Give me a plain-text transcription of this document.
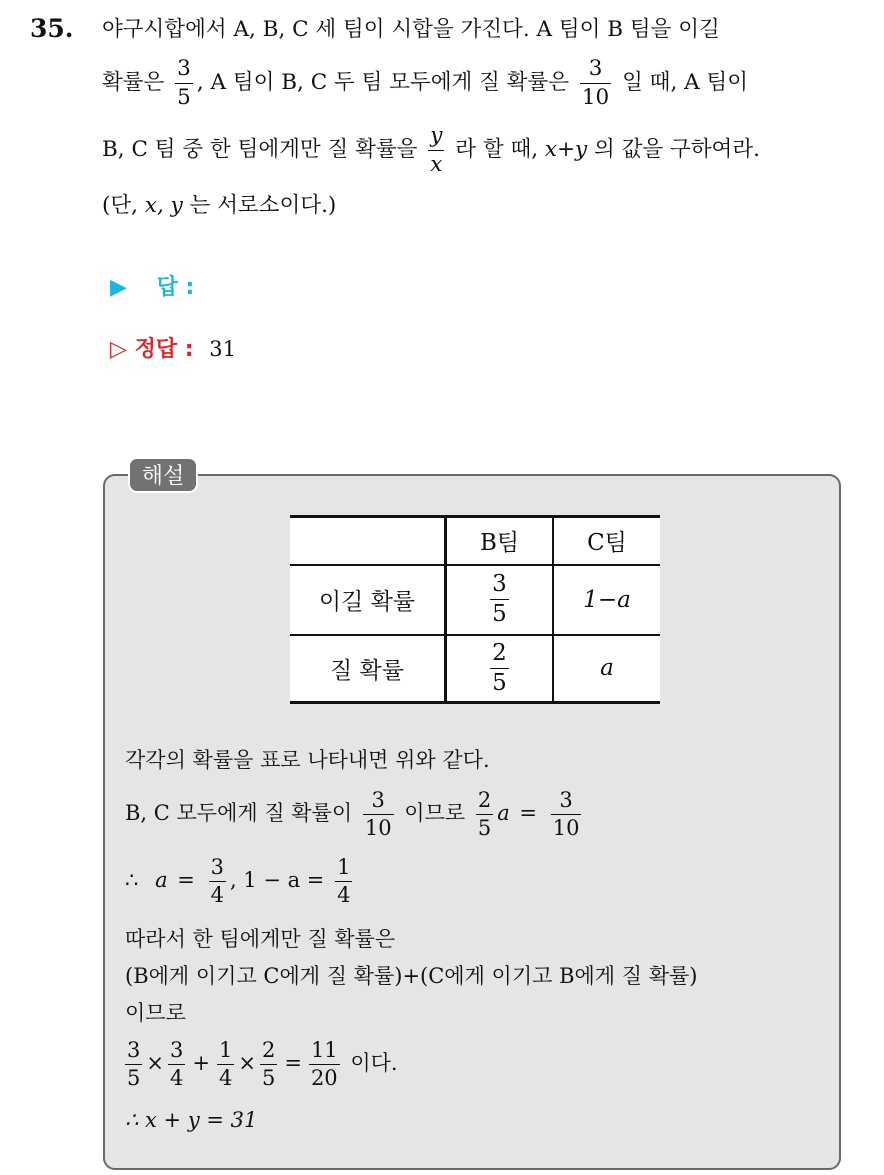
35. 야구시합에서 A, B, C 세 팀이 시합을 가진다. A 팀이 B 팀을 이길
확률은 $\frac{3}{5}$ , A 팀이 B, C 두 팀 모두에게 질 확률은 $\frac{3}{10}$ 일 때, A 팀이
B, C 팀 중 한 팀에게만 질 확률을 $\frac{y}{x}$ 라 할 때, x+y 의 값을 구하여라.
(단, x, y 는 서로소이다.)
▶ 답 :
▷ 정답 : 31
해설
	B팀	C팀
이길 확률	$\frac{3}{5}$	1−a
질 확률	$\frac{2}{5}$	a
각각의 확률을 표로 나타내면 위와 같다.
B, C 모두에게 질 확률이 $\frac{3}{10}$ 이므로 $\frac{2}{5}$ $a = \frac{3}{10}$
∴ $a = \frac{3}{4}$ , $1 - a = \frac{1}{4}$
따라서 한 팀에게만 질 확률은
(B에게 이기고 C에게 질 확률)+(C에게 이기고 B에게 질 확률)
이므로
$\frac{3}{5} \times \frac{3}{4} + \frac{1}{4} \times \frac{2}{5} = \frac{11}{20}$ 이다.
∴ x + y = 31
